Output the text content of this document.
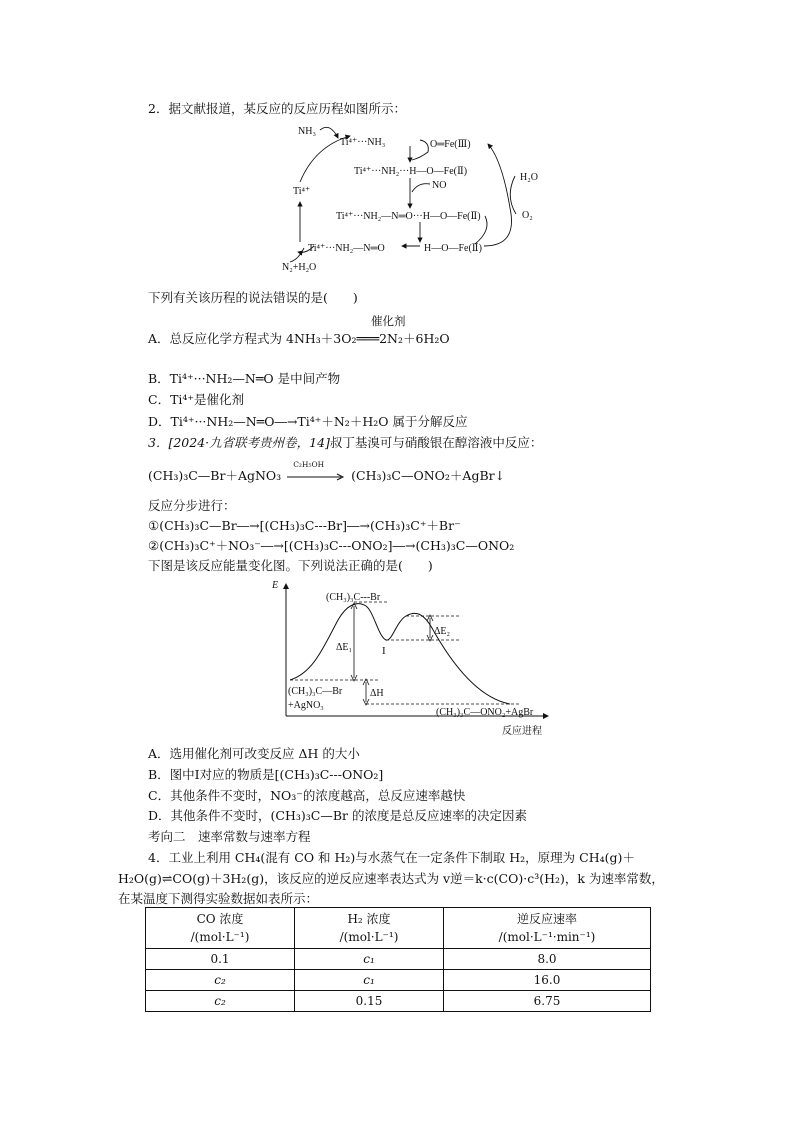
2．据文献报道，某反应的反应历程如图所示：
NH₃
Ti⁴⁺···NH₃	O═Fe(Ⅲ)
Ti⁴⁺···NH₂···H—O—Fe(Ⅱ)
NO
Ti⁴⁺···NH₂—N═O···H—O—Fe(Ⅱ)
Ti⁴⁺
Ti⁴⁺···NH₂—N═O	H—O—Fe(Ⅱ)
N₂+H₂O
H₂O
O₂
下列有关该历程的说法错误的是(　　)
催化剂
A．总反应化学方程式为 4NH₃＋3O₂═══2N₂＋6H₂O
B．Ti⁴⁺···NH₂—N═O 是中间产物
C．Ti⁴⁺是催化剂
D．Ti⁴⁺···NH₂—N═O―→Ti⁴⁺＋N₂＋H₂O 属于分解反应
3．[2024·九省联考贵州卷，14]叔丁基溴可与硝酸银在醇溶液中反应：
(CH₃)₃C—Br＋AgNO₃
C₂H₅OH
(CH₃)₃C—ONO₂＋AgBr↓
反应分步进行：
①(CH₃)₃C—Br―→[(CH₃)₃C---Br]―→(CH₃)₃C⁺＋Br⁻
②(CH₃)₃C⁺＋NO₃⁻―→[(CH₃)₃C---ONO₂]―→(CH₃)₃C—ONO₂
下图是该反应能量变化图。下列说法正确的是(　　)
E
反应进程
(CH₃)₃C---Br
I
ΔE₁
ΔE₂
ΔH
(CH₃)₃C—Br
+AgNO₃
(CH₃)₃C—ONO₂+AgBr
A．选用催化剂可改变反应 ΔH 的大小
B．图中Ⅰ对应的物质是[(CH₃)₃C---ONO₂]
C．其他条件不变时，NO₃⁻的浓度越高，总反应速率越快
D．其他条件不变时，(CH₃)₃C—Br 的浓度是总反应速率的决定因素
考向二　速率常数与速率方程
4．工业上利用 CH₄(混有 CO 和 H₂)与水蒸气在一定条件下制取 H₂，原理为 CH₄(g)＋
H₂O(g)⇌CO(g)＋3H₂(g)，该反应的逆反应速率表达式为 v逆＝k·c(CO)·c³(H₂)，k 为速率常数，
在某温度下测得实验数据如表所示：
CO 浓度
/(mol·L⁻¹)	H₂ 浓度
/(mol·L⁻¹)	逆反应速率
/(mol·L⁻¹·min⁻¹)
0.1	c₁	8.0
c₂	c₁	16.0
c₂	0.15	6.75
